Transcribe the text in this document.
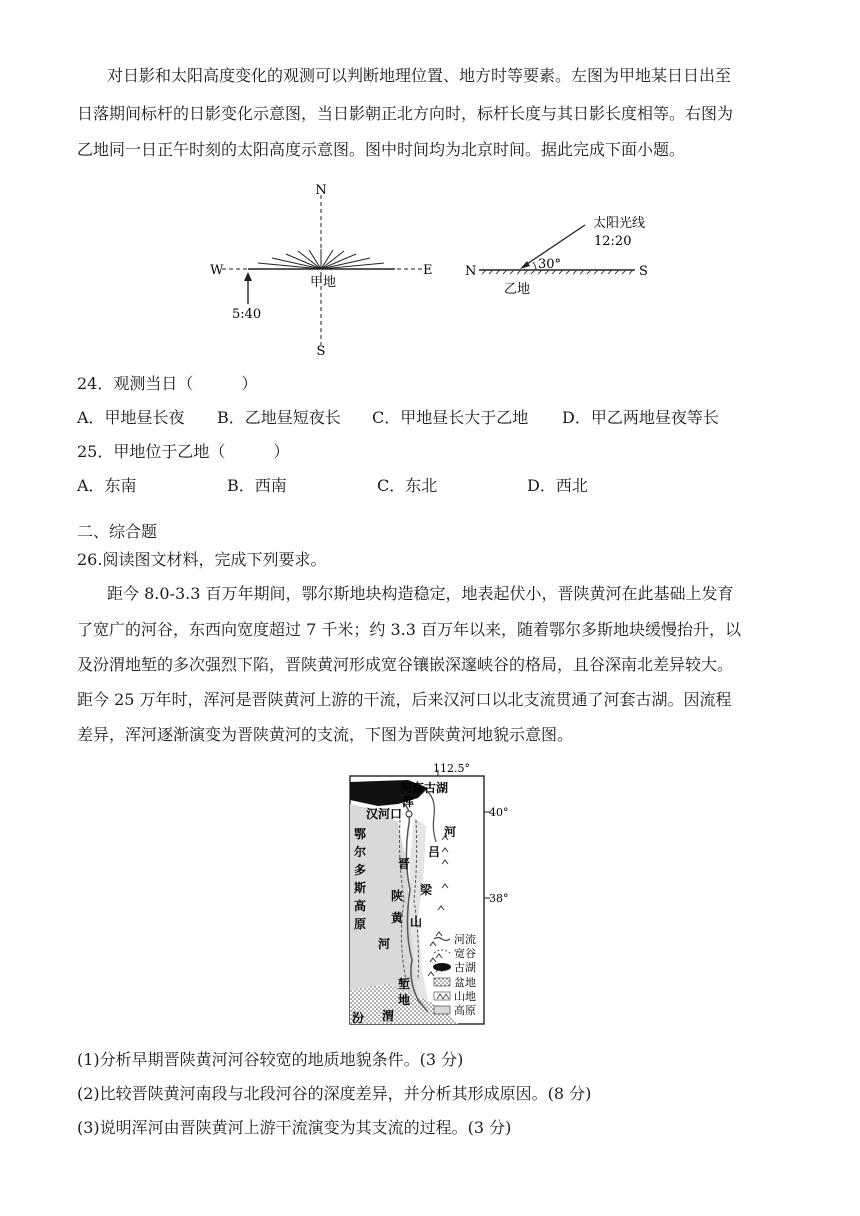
对日影和太阳高度变化的观测可以判断地理位置、地方时等要素。左图为甲地某日日出至
日落期间标杆的日影变化示意图，当日影朝正北方向时，标杆长度与其日影长度相等。右图为
乙地同一日正午时刻的太阳高度示意图。图中时间均为北京时间。据此完成下面小题。
N
S
W	E
甲地
5:40
N	S
太阳光线
12:20
30°
乙地
24．观测当日（　　　）
A．甲地昼长夜 B．乙地昼短夜长 C．甲地昼长大于乙地 D．甲乙两地昼夜等长
25．甲地位于乙地（　　　）
A．东南	B．西南	C．东北	D．西北
二、综合题
26.阅读图文材料，完成下列要求。
距今 8.0-3.3 百万年期间，鄂尔斯地块构造稳定，地表起伏小，晋陕黄河在此基础上发育
了宽广的河谷，东西向宽度超过 7 千米；约 3.3 百万年以来，随着鄂尔多斯地块缓慢抬升，以
及汾渭地堑的多次强烈下陷，晋陕黄河形成宽谷镶嵌深邃峡谷的格局，且谷深南北差异较大。
距今 25 万年时，浑河是晋陕黄河上游的干流，后来汉河口以北支流贯通了河套古湖。因流程
差异，浑河逐渐演变为晋陕黄河的支流，下图为晋陕黄河地貌示意图。
112.5°
40°
38°
河套古湖
浑
河
汉河口
鄂
尔
多
斯
高
原
晋
陕
黄
河
吕
梁
山
堑
地
渭
汾
河流
宽谷
古湖
盆地
山地
高原
(1)分析早期晋陕黄河河谷较宽的地质地貌条件。(3 分)
(2)比较晋陕黄河南段与北段河谷的深度差异，并分析其形成原因。(8 分)
(3)说明浑河由晋陕黄河上游干流演变为其支流的过程。(3 分)
